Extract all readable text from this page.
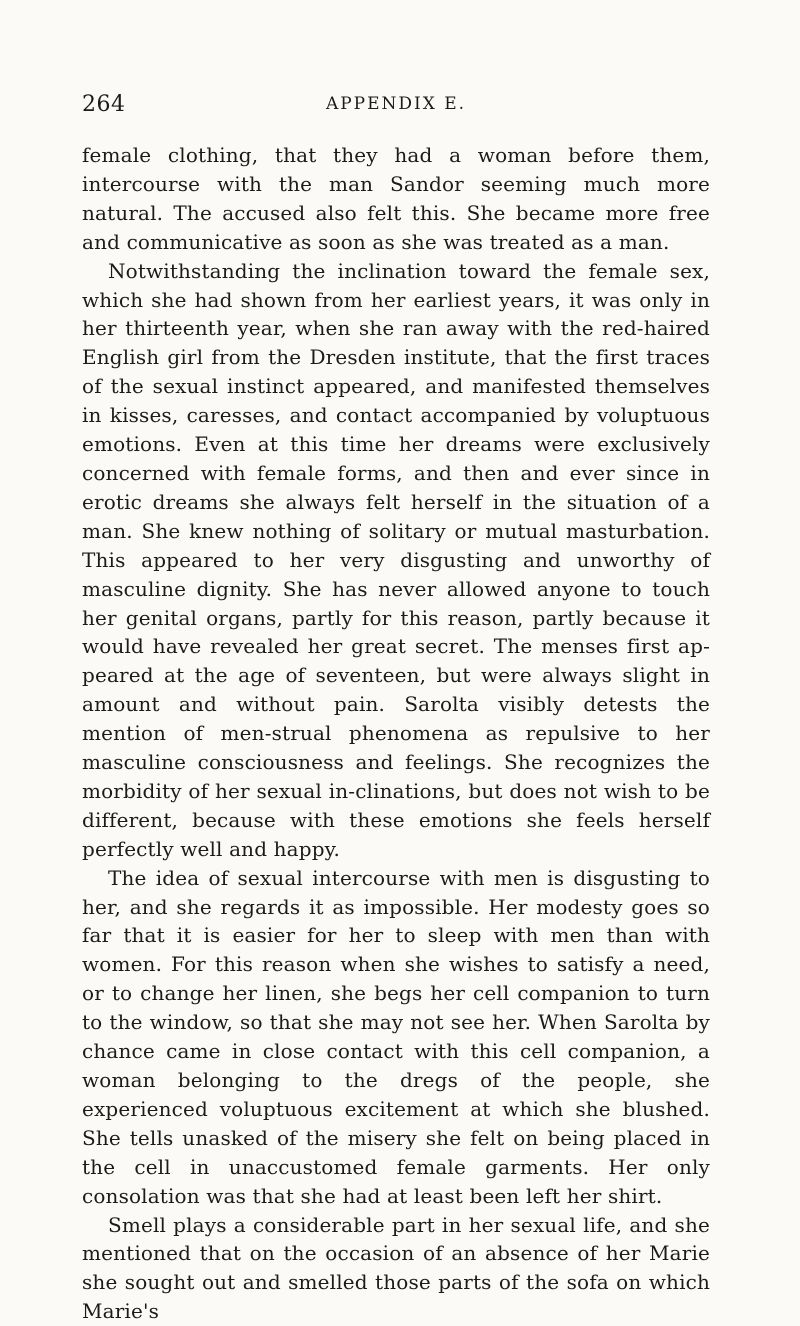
264	APPENDIX E.

female clothing, that they had a woman before them, intercourse with the man Sandor seeming much more natural. The accused also felt this. She became more free and communicative as soon as she was treated as a man.

Notwithstanding the inclination toward the female sex, which she had shown from her earliest years, it was only in her thirteenth year, when she ran away with the red-haired English girl from the Dresden institute, that the first traces of the sexual instinct appeared, and manifested themselves in kisses, caresses, and contact accompanied by voluptuous emotions. Even at this time her dreams were exclusively concerned with female forms, and then and ever since in erotic dreams she always felt herself in the situation of a man. She knew nothing of solitary or mutual masturbation. This appeared to her very disgusting and unworthy of masculine dignity. She has never allowed anyone to touch her genital organs, partly for this reason, partly because it would have revealed her great secret. The menses first ap-peared at the age of seventeen, but were always slight in amount and without pain. Sarolta visibly detests the mention of men-strual phenomena as repulsive to her masculine consciousness and feelings. She recognizes the morbidity of her sexual in-clinations, but does not wish to be different, because with these emotions she feels herself perfectly well and happy.

The idea of sexual intercourse with men is disgusting to her, and she regards it as impossible. Her modesty goes so far that it is easier for her to sleep with men than with women. For this reason when she wishes to satisfy a need, or to change her linen, she begs her cell companion to turn to the window, so that she may not see her. When Sarolta by chance came in close contact with this cell companion, a woman belonging to the dregs of the people, she experienced voluptuous excitement at which she blushed. She tells unasked of the misery she felt on being placed in the cell in unaccustomed female garments. Her only consolation was that she had at least been left her shirt.

Smell plays a considerable part in her sexual life, and she mentioned that on the occasion of an absence of her Marie she sought out and smelled those parts of the sofa on which Marie's
